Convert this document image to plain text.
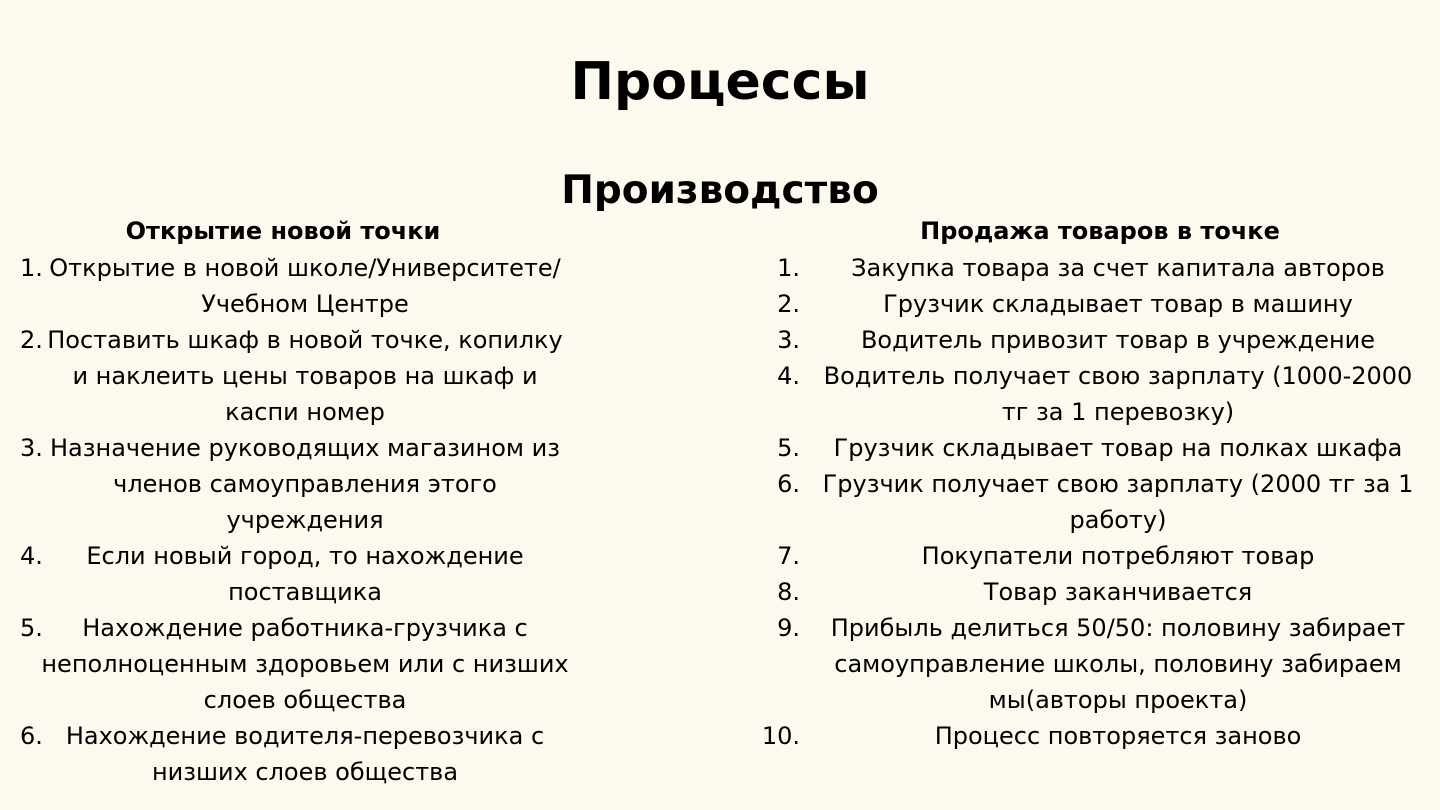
Процессы
Производство
Открытие новой точки	Продажа товаров в точке
1. Открытие в новой школе/Университете/ Учебном Центре
2. Поставить шкаф в новой точке, копилку и наклеить цены товаров на шкаф и каспи номер
3. Назначение руководящих магазином из членов самоуправления этого учреждения
4.	Если новый город, то нахождение поставщика
5.	Нахождение работника-грузчика с неполноценным здоровьем или с низших слоев общества
6. Нахождение водителя-перевозчика с низших слоев общества
1.	Закупка товара за счет капитала авторов
2.	Грузчик складывает товар в машину
3.	Водитель привозит товар в учреждение
4. Водитель получает свою зарплату (1000-2000 тг за 1 перевозку)
5.	Грузчик складывает товар на полках шкафа
6. Грузчик получает свою зарплату (2000 тг за 1 работу)
7.	Покупатели потребляют товар
8.	Товар заканчивается
9.	Прибыль делиться 50/50: половину забирает самоуправление школы, половину забираем мы(авторы проекта)
10.	Процесс повторяется заново
